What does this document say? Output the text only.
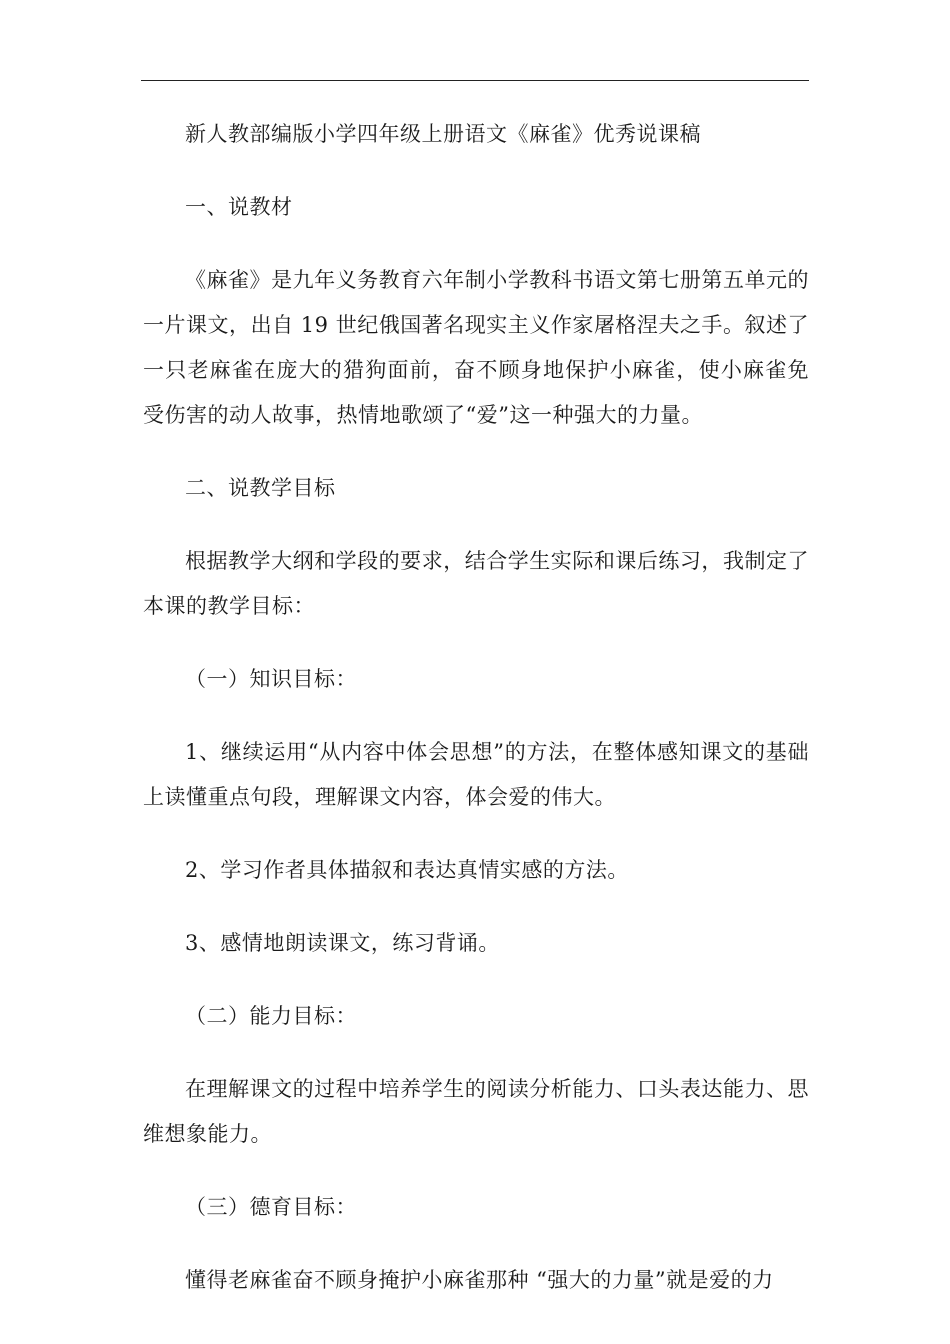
新人教部编版小学四年级上册语文《麻雀》优秀说课稿

一、说教材

《麻雀》是九年义务教育六年制小学教科书语文第七册第五单元的一片课文，出自 19 世纪俄国著名现实主义作家屠格涅夫之手。叙述了一只老麻雀在庞大的猎狗面前，奋不顾身地保护小麻雀，使小麻雀免受伤害的动人故事，热情地歌颂了“爱”这一种强大的力量。

二、说教学目标

根据教学大纲和学段的要求，结合学生实际和课后练习，我制定了本课的教学目标：

（一）知识目标：

1、继续运用“从内容中体会思想”的方法，在整体感知课文的基础上读懂重点句段，理解课文内容，体会爱的伟大。

2、学习作者具体描叙和表达真情实感的方法。

3、感情地朗读课文，练习背诵。

（二）能力目标：

在理解课文的过程中培养学生的阅读分析能力、口头表达能力、思维想象能力。

（三）德育目标：

懂得老麻雀奋不顾身掩护小麻雀那种 “强大的力量”就是爱的力
